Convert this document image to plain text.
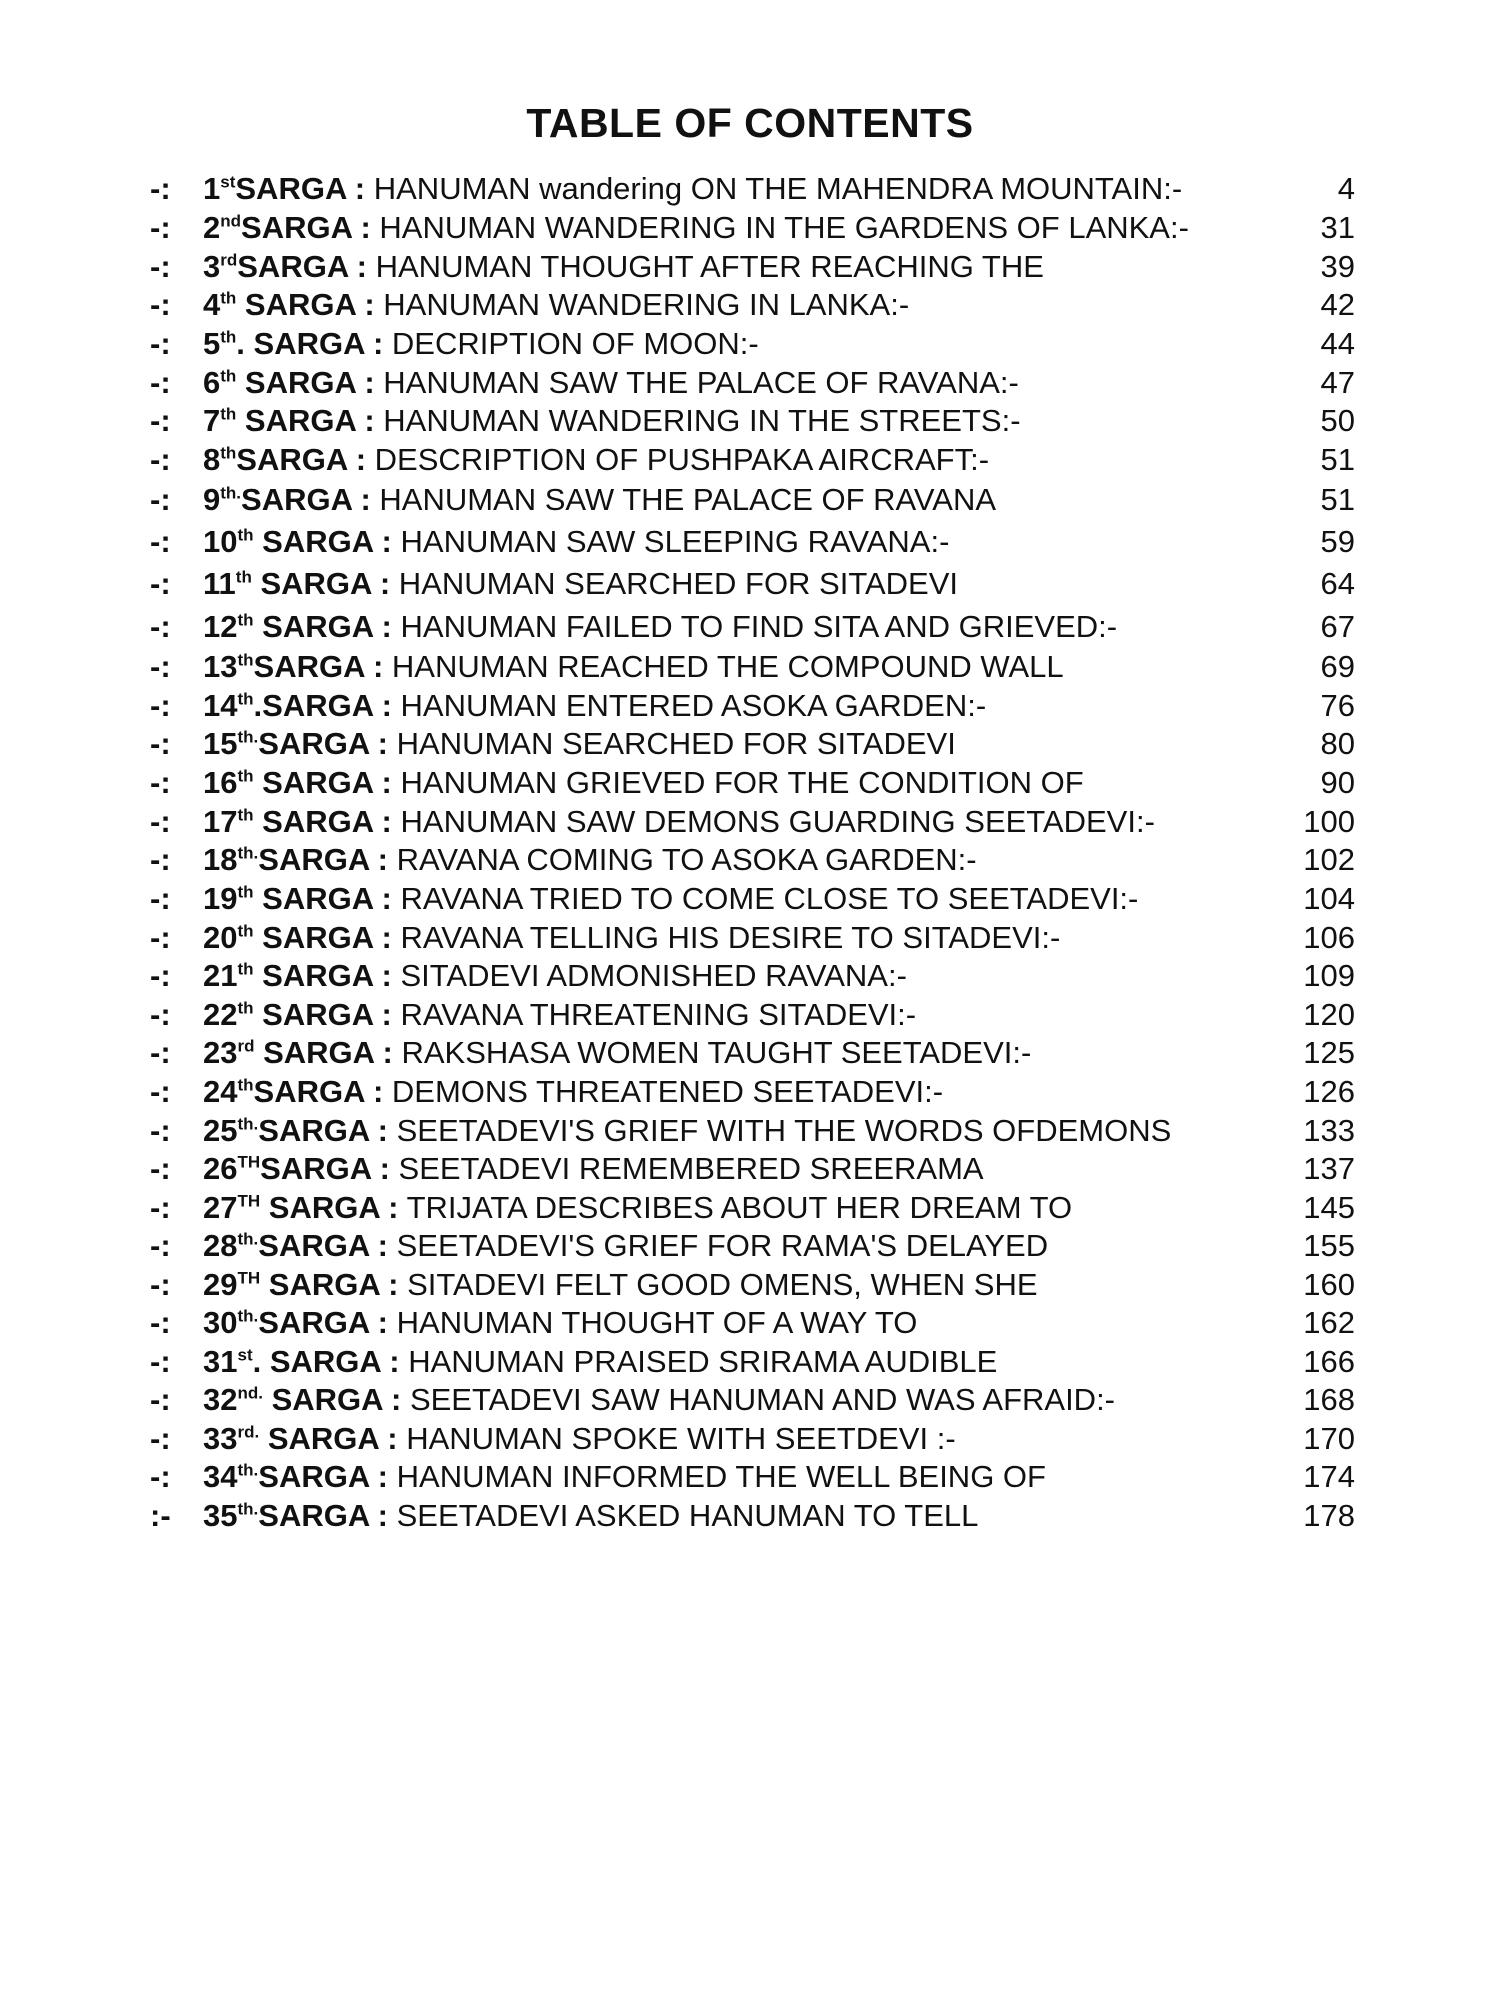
TABLE OF CONTENTS
-:	1stSARGA : HANUMAN wandering ON THE MAHENDRA MOUNTAIN:-	4
-:	2ndSARGA : HANUMAN WANDERING IN THE GARDENS OF LANKA:-	31
-:	3rdSARGA : HANUMAN THOUGHT AFTER REACHING THE	39
-:	4th SARGA : HANUMAN WANDERING IN LANKA:-	42
-:	5th. SARGA : DECRIPTION OF MOON:-	44
-:	6th SARGA : HANUMAN SAW THE PALACE OF RAVANA:-	47
-:	7th SARGA : HANUMAN WANDERING IN THE STREETS:-	50
-:	8thSARGA : DESCRIPTION OF PUSHPAKA AIRCRAFT:-	51
-:	$9^{th.}SARGA$ : HANUMAN SAW THE PALACE OF RAVANA	51
-:	10th SARGA : HANUMAN SAW SLEEPING RAVANA:-	59
-:	11th SARGA : HANUMAN SEARCHED FOR SITADEVI	64
-:	12th SARGA : HANUMAN FAILED TO FIND SITA AND GRIEVED:-	67
-:	13thSARGA : HANUMAN REACHED THE COMPOUND WALL	69
-:	14th.SARGA : HANUMAN ENTERED ASOKA GARDEN:-	76
-:	$15^{th.}SARGA$ : HANUMAN SEARCHED FOR SITADEVI	80
-:	16th SARGA : HANUMAN GRIEVED FOR THE CONDITION OF	90
-:	17th SARGA : HANUMAN SAW DEMONS GUARDING SEETADEVI:-	100
-:	$18^{th.}SARGA$ : RAVANA COMING TO ASOKA GARDEN:-	102
-:	19th SARGA : RAVANA TRIED TO COME CLOSE TO SEETADEVI:-	104
-:	20th SARGA : RAVANA TELLING HIS DESIRE TO SITADEVI:-	106
-:	21th SARGA : SITADEVI ADMONISHED RAVANA:-	109
-:	22th SARGA : RAVANA THREATENING SITADEVI:-	120
-:	23rd SARGA : RAKSHASA WOMEN TAUGHT SEETADEVI:-	125
-:	24thSARGA : DEMONS THREATENED SEETADEVI:-	126
-:	$25^{th.}SARGA$ : SEETADEVI'S GRIEF WITH THE WORDS OFDEMONS	133
-:	26THSARGA : SEETADEVI REMEMBERED SREERAMA	137
-:	27TH SARGA : TRIJATA DESCRIBES ABOUT HER DREAM TO	145
-:	$28^{th.}SARGA$ : SEETADEVI'S GRIEF FOR RAMA'S DELAYED	155
-:	29TH SARGA : SITADEVI FELT GOOD OMENS, WHEN SHE	160
-:	$30^{th.}SARGA$ : HANUMAN THOUGHT OF A WAY TO	162
-:	31st. SARGA : HANUMAN PRAISED SRIRAMA AUDIBLE	166
-:	$32^{nd.}$ SARGA : SEETADEVI SAW HANUMAN AND WAS AFRAID:-	168
-:	$33^{rd.}$ SARGA : HANUMAN SPOKE WITH SEETDEVI :-	170
-:	$34^{th.}SARGA$ : HANUMAN INFORMED THE WELL BEING OF	174
:-	$35^{th.}SARGA$ : SEETADEVI ASKED HANUMAN TO TELL	178
